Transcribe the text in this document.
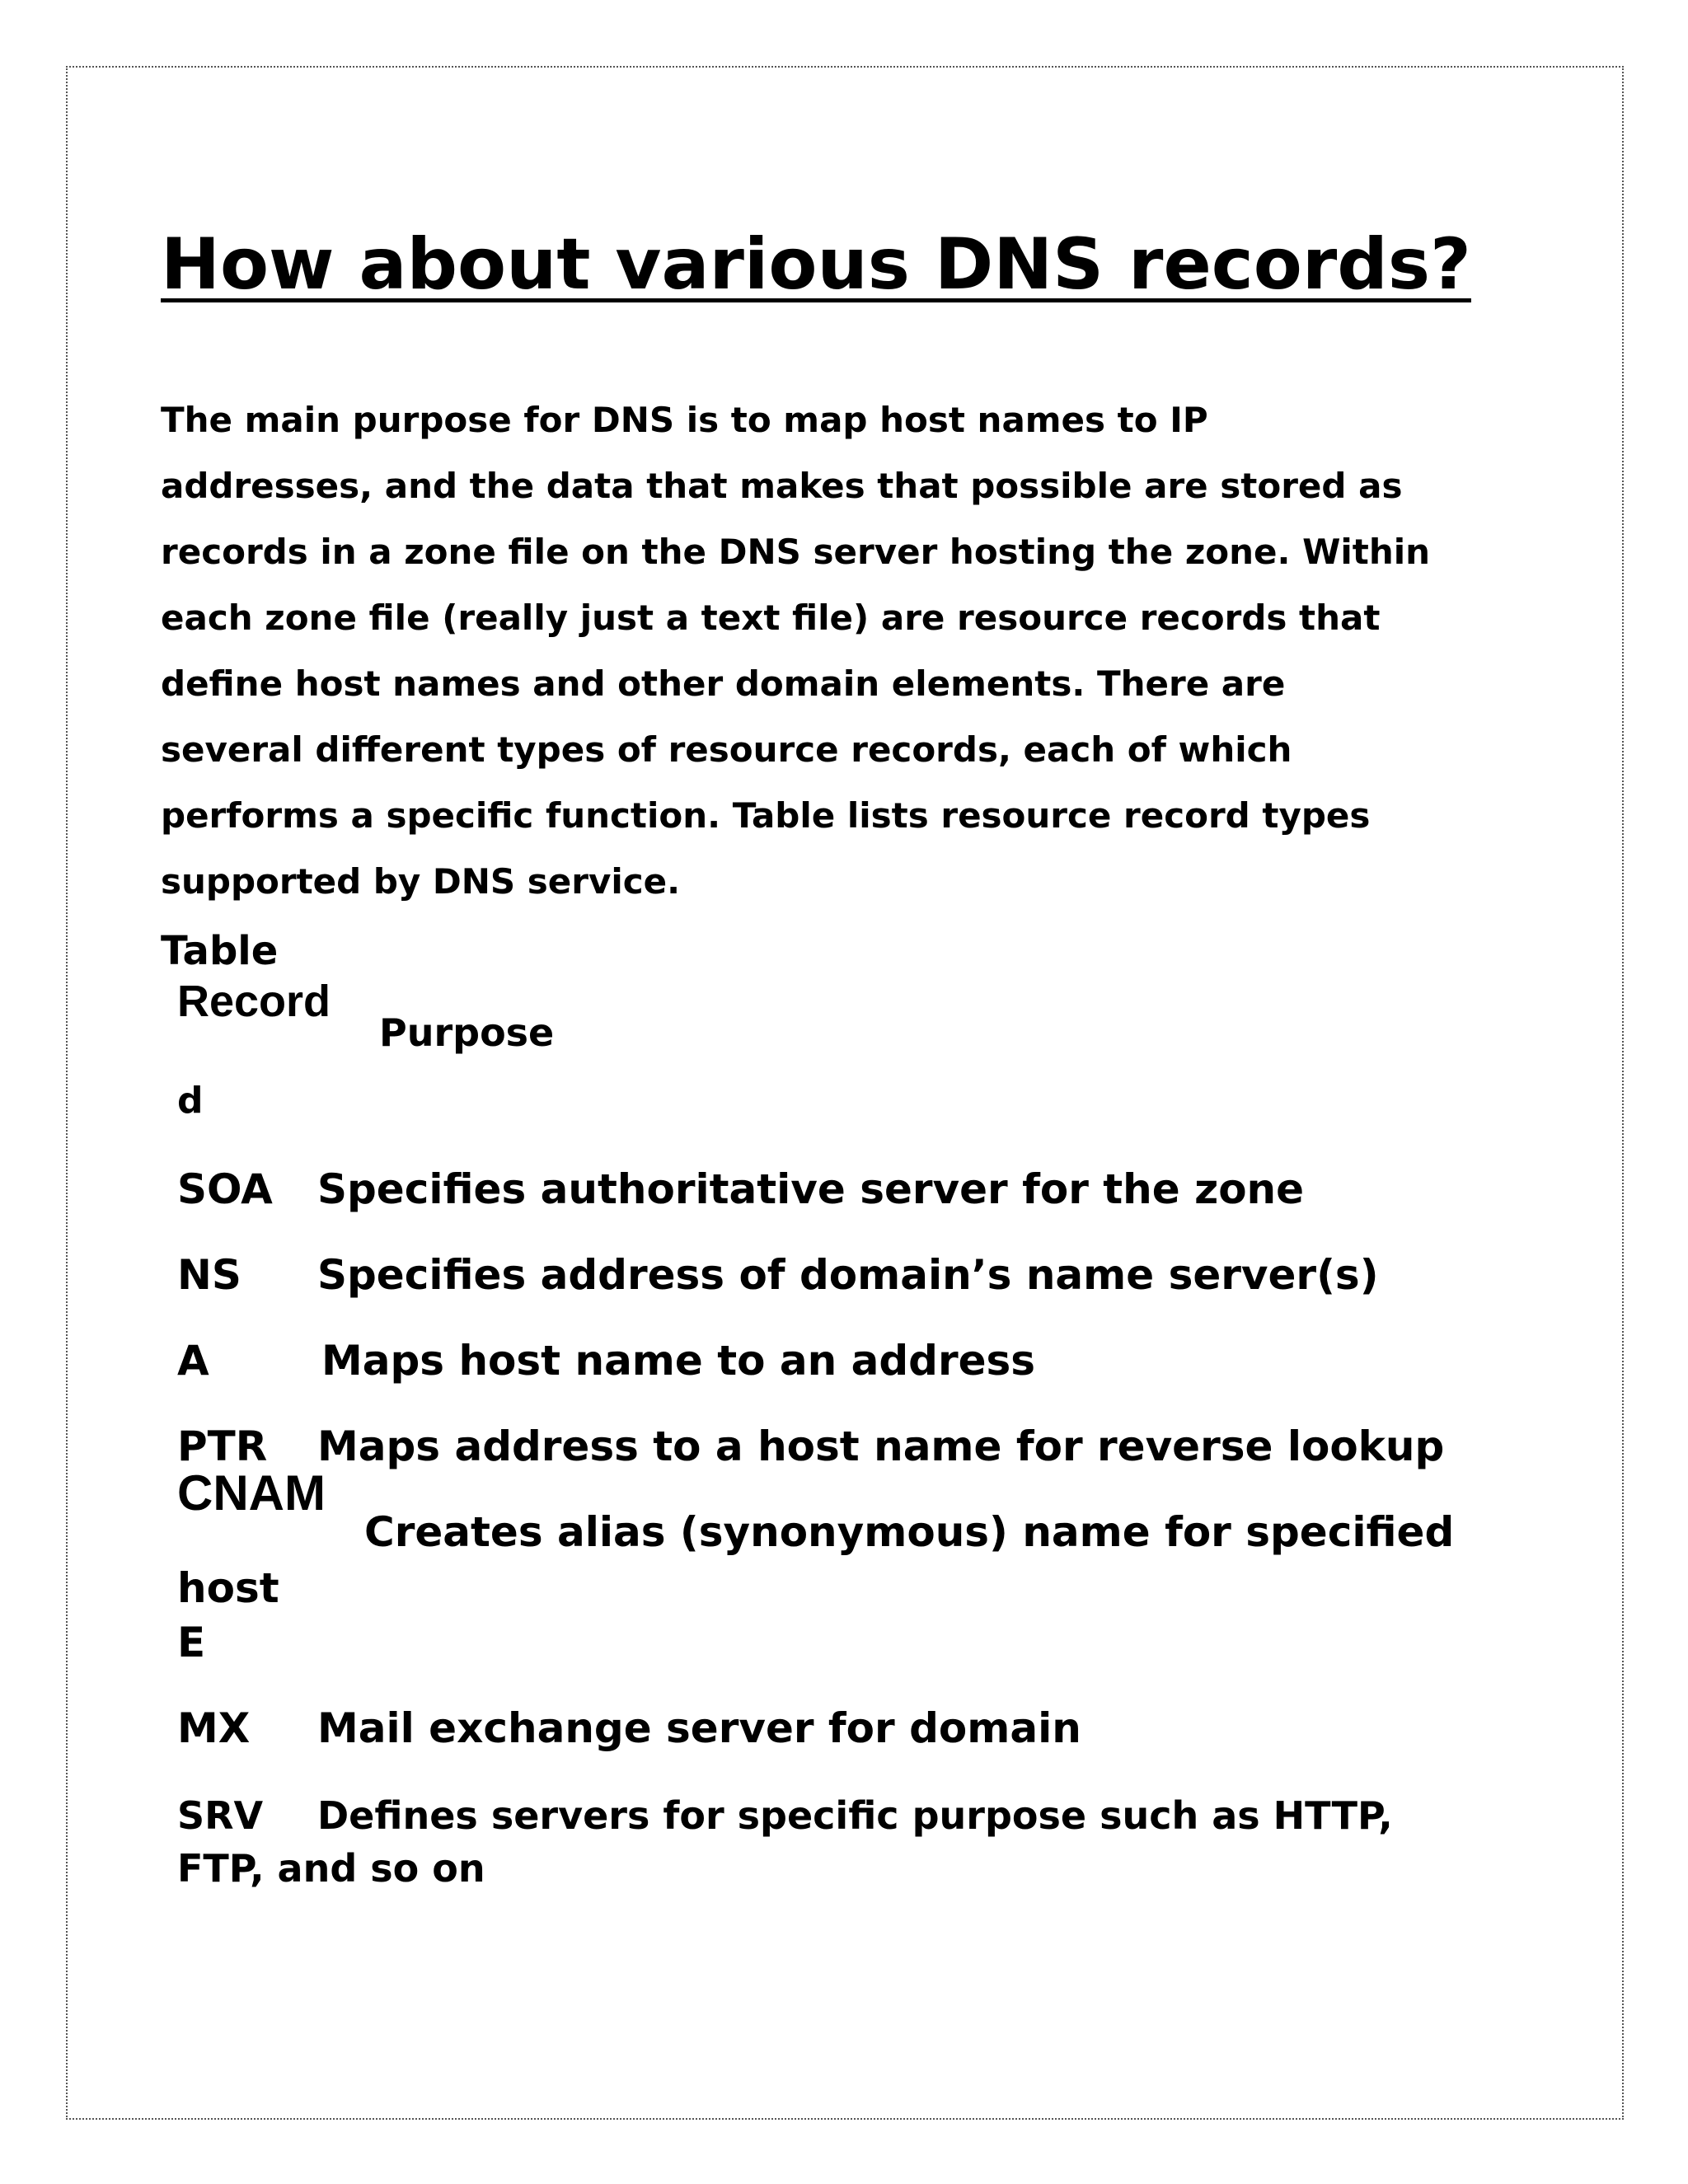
How about various DNS records?

The main purpose for DNS is to map host names to IP
addresses, and the data that makes that possible are stored as
records in a zone file on the DNS server hosting the zone. Within
each zone file (really just a text file) are resource records that
define host names and other domain elements. There are
several different types of resource records, each of which
performs a specific function. Table lists resource record types
supported by DNS service.

Table
Record
Purpose
d
SOA Specifies authoritative server for the zone
NS Specifies address of domain’s name server(s)
A	Maps host name to an address
PTR Maps address to a host name for reverse lookup
CNAM
Creates alias (synonymous) name for specified
host
E
MX Mail exchange server for domain
SRV Defines servers for specific purpose such as HTTP,
FTP, and so on
